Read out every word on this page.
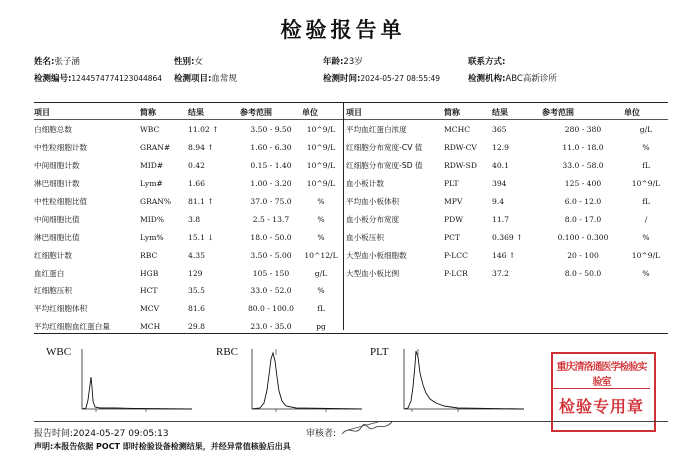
检验报告单
姓名:张子涵	性别:女	年龄:23岁	联系方式:
检测编号:1244574774123044864 检测项目:血常规	检测时间:2024-05-27 08:55:49	检测机构:ABC高新诊所
项目	简称	结果	参考范围	单位
白细胞总数	WBC	11.02 ↑	3.50 - 9.50	10^9/L
中性粒细胞计数	GRAN#	8.94 ↑	1.60 - 6.30	10^9/L
中间细胞计数	MID#	0.42	0.15 - 1.40	10^9/L
淋巴细胞计数	Lym#	1.66	1.00 - 3.20	10^9/L
中性粒细胞比值	GRAN%	81.1 ↑	37.0 - 75.0	%
中间细胞比值	MID%	3.8	2.5 - 13.7	%
淋巴细胞比值	Lym%	15.1 ↓	18.0 - 50.0	%
红细胞计数	RBC	4.35	3.50 - 5.00	10^12/L
血红蛋白	HGB	129	105 - 150	g/L
红细胞压积	HCT	35.5	33.0 - 52.0	%
平均红细胞体积	MCV	81.6	80.0 - 100.0	fL
平均红细胞血红蛋白量	MCH	29.8	23.0 - 35.0	pg
项目	简称	结果	参考范围	单位
平均血红蛋白浓度	MCHC	365	280 - 380	g/L
红细胞分布宽度-CV 值	RDW-CV	12.9	11.0 - 18.0	%
红细胞分布宽度-SD 值	RDW-SD	40.1	33.0 - 58.0	fL
血小板计数	PLT	394	125 - 400	10^9/L
平均血小板体积	MPV	9.4	6.0 - 12.0	fL
血小板分布宽度	PDW	11.7	8.0 - 17.0	/
血小板压积	PCT	0.369 ↑	0.100 - 0.300	%
大型血小板细胞数	P-LCC	146 ↑	20 - 100	10^9/L
大型血小板比例	P-LCR	37.2	8.0 - 50.0	%
WBC	RBC	PLT
重庆清洛通医学检验实验室
检验专用章
报告时间:2024-05-27 09:05:13	审核者:
声明:本报告依据 POCT 即时检验设备检测结果，并经异常值核验后出具
